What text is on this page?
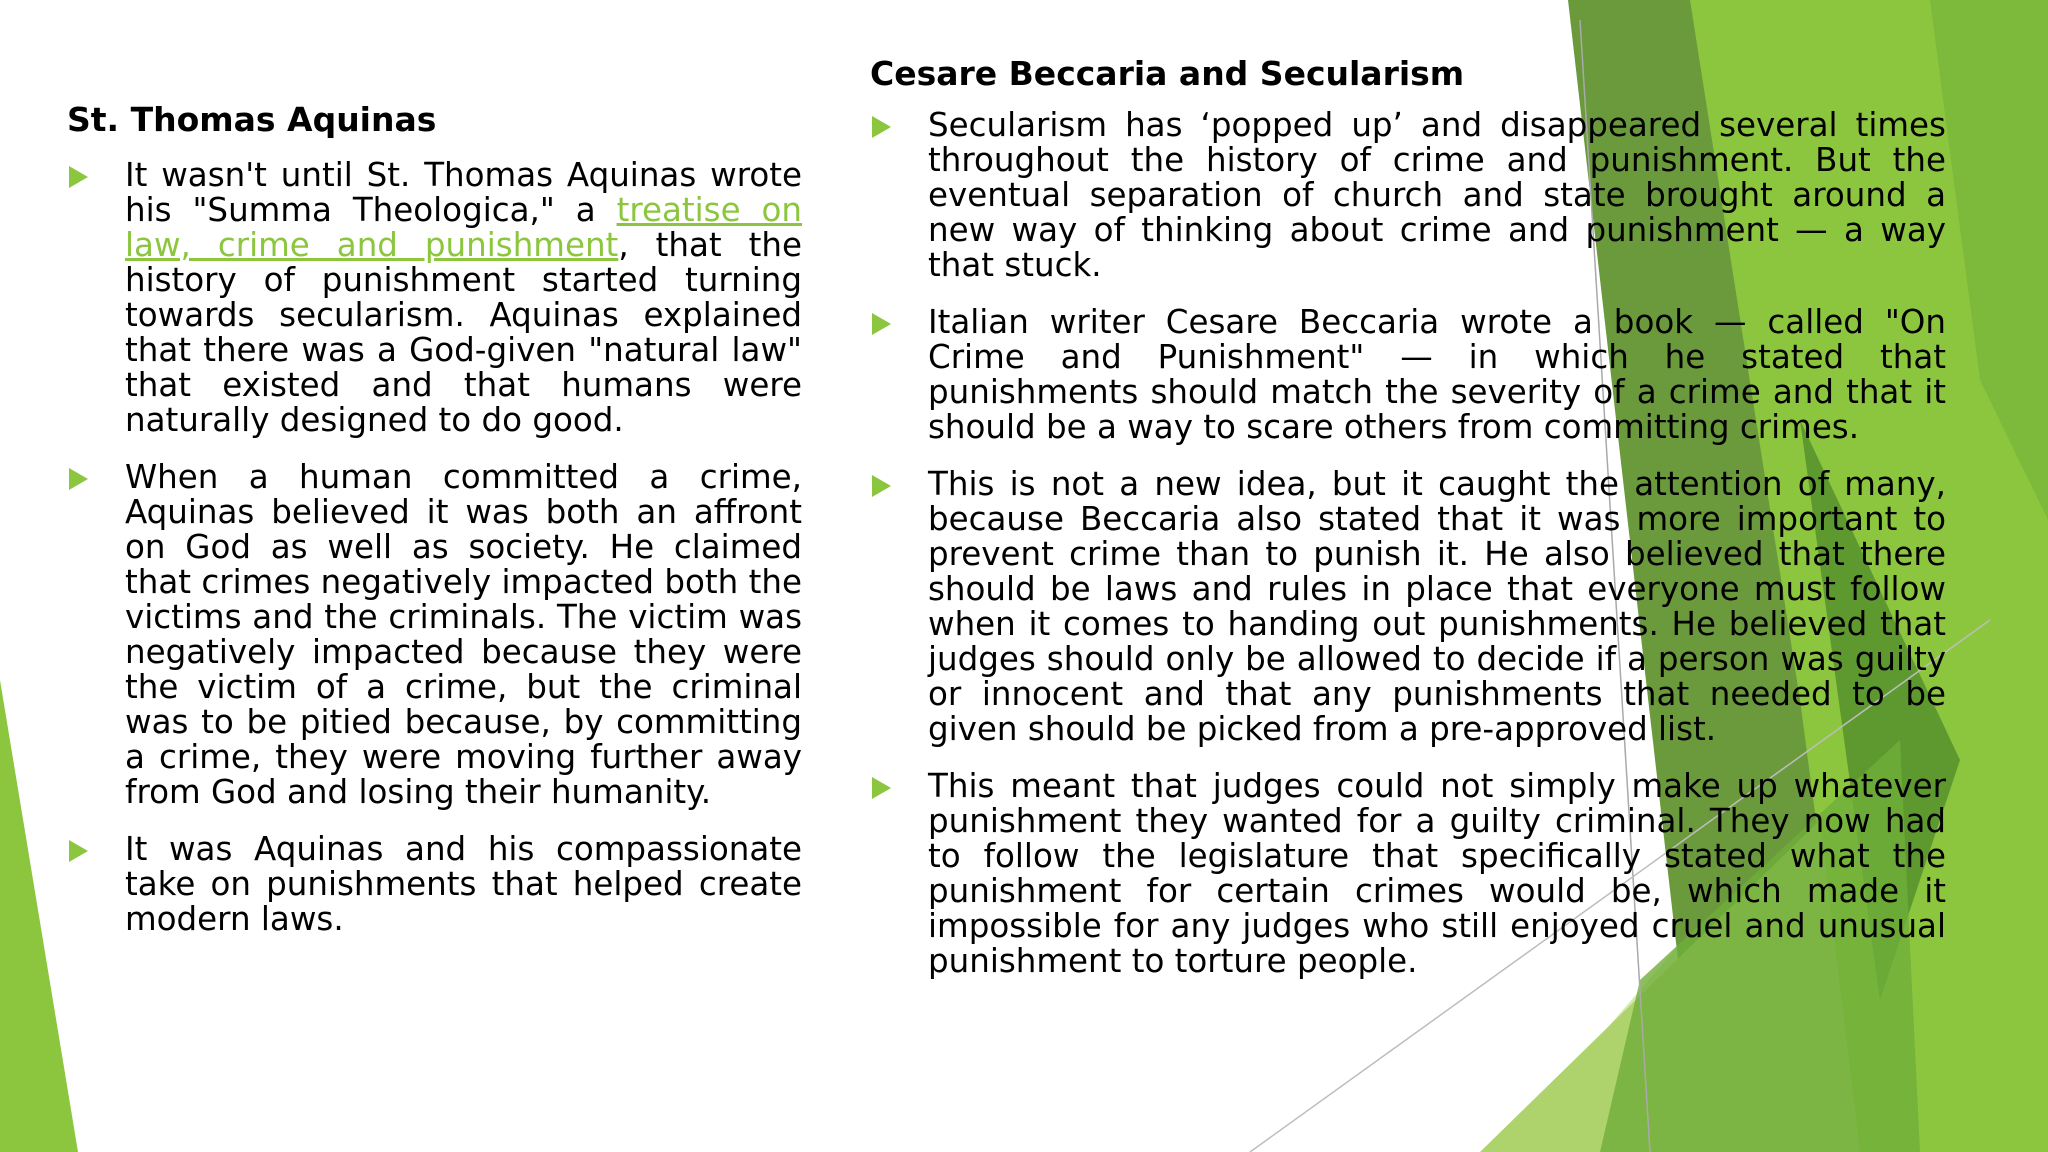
St. Thomas Aquinas
It wasn't until St. Thomas Aquinas wrote his "Summa Theologica," a treatise on law, crime and punishment, that the history of punishment started turning towards secularism. Aquinas explained that there was a God-given "natural law" that existed and that humans were naturally designed to do good.
When a human committed a crime, Aquinas believed it was both an affront on God as well as society. He claimed that crimes negatively impacted both the victims and the criminals. The victim was negatively impacted because they were the victim of a crime, but the criminal was to be pitied because, by committing a crime, they were moving further away from God and losing their humanity.
It was Aquinas and his compassionate take on punishments that helped create modern laws.
Cesare Beccaria and Secularism
Secularism has ‘popped up’ and disappeared several times throughout the history of crime and punishment. But the eventual separation of church and state brought around a new way of thinking about crime and punishment — a way that stuck.
Italian writer Cesare Beccaria wrote a book — called "On Crime and Punishment" — in which he stated that punishments should match the severity of a crime and that it should be a way to scare others from committing crimes.
This is not a new idea, but it caught the attention of many, because Beccaria also stated that it was more important to prevent crime than to punish it. He also believed that there should be laws and rules in place that everyone must follow when it comes to handing out punishments. He believed that judges should only be allowed to decide if a person was guilty or innocent and that any punishments that needed to be given should be picked from a pre-approved list.
This meant that judges could not simply make up whatever punishment they wanted for a guilty criminal. They now had to follow the legislature that specifically stated what the punishment for certain crimes would be, which made it impossible for any judges who still enjoyed cruel and unusual punishment to torture people.
